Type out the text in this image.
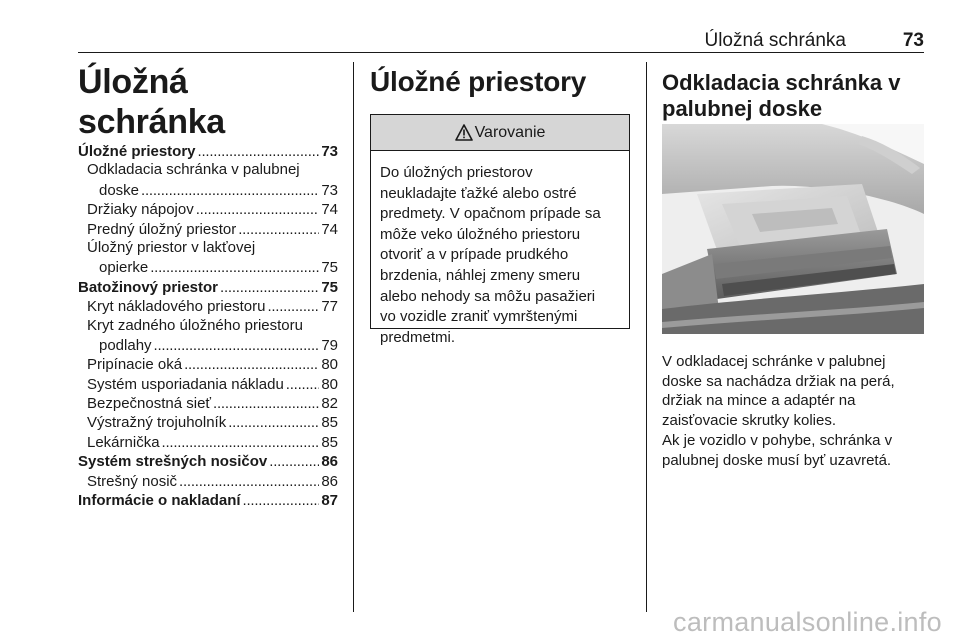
Úložná schránka	73
Úložná schránka
Úložné priestory . . .	73
Odkladacia schránka v palubnej
doske . . .	73
Držiaky nápojov . . .	74
Predný úložný priestor . . .	74
Úložný priestor v lakťovej
opierke . . .	75
Batožinový priestor . . .	75
Kryt nákladového priestoru . . .	77
Kryt zadného úložného priestoru
podlahy . . .	79
Pripínacie oká . . .	80
Systém usporiadania nákladu . . .	80
Bezpečnostná sieť . . .	82
Výstražný trojuholník . . .	85
Lekárnička . . .	85
Systém strešných nosičov . . .	86
Strešný nosič . . .	86
Informácie o nakladaní . . .	87
Úložné priestory
Varovanie
Do úložných priestorov
neukladajte ťažké alebo ostré
predmety. V opačnom prípade sa
môže veko úložného priestoru
otvoriť a v prípade prudkého
brzdenia, náhlej zmeny smeru
alebo nehody sa môžu pasažieri
vo vozidle zraniť vymrštenými
predmetmi.
Odkladacia schránka v
palubnej doske
V odkladacej schránke v palubnej
doske sa nachádza držiak na perá,
držiak na mince a adaptér na
zaisťovacie skrutky kolies.
Ak je vozidlo v pohybe, schránka v
palubnej doske musí byť uzavretá.
carmanualsonline.info
